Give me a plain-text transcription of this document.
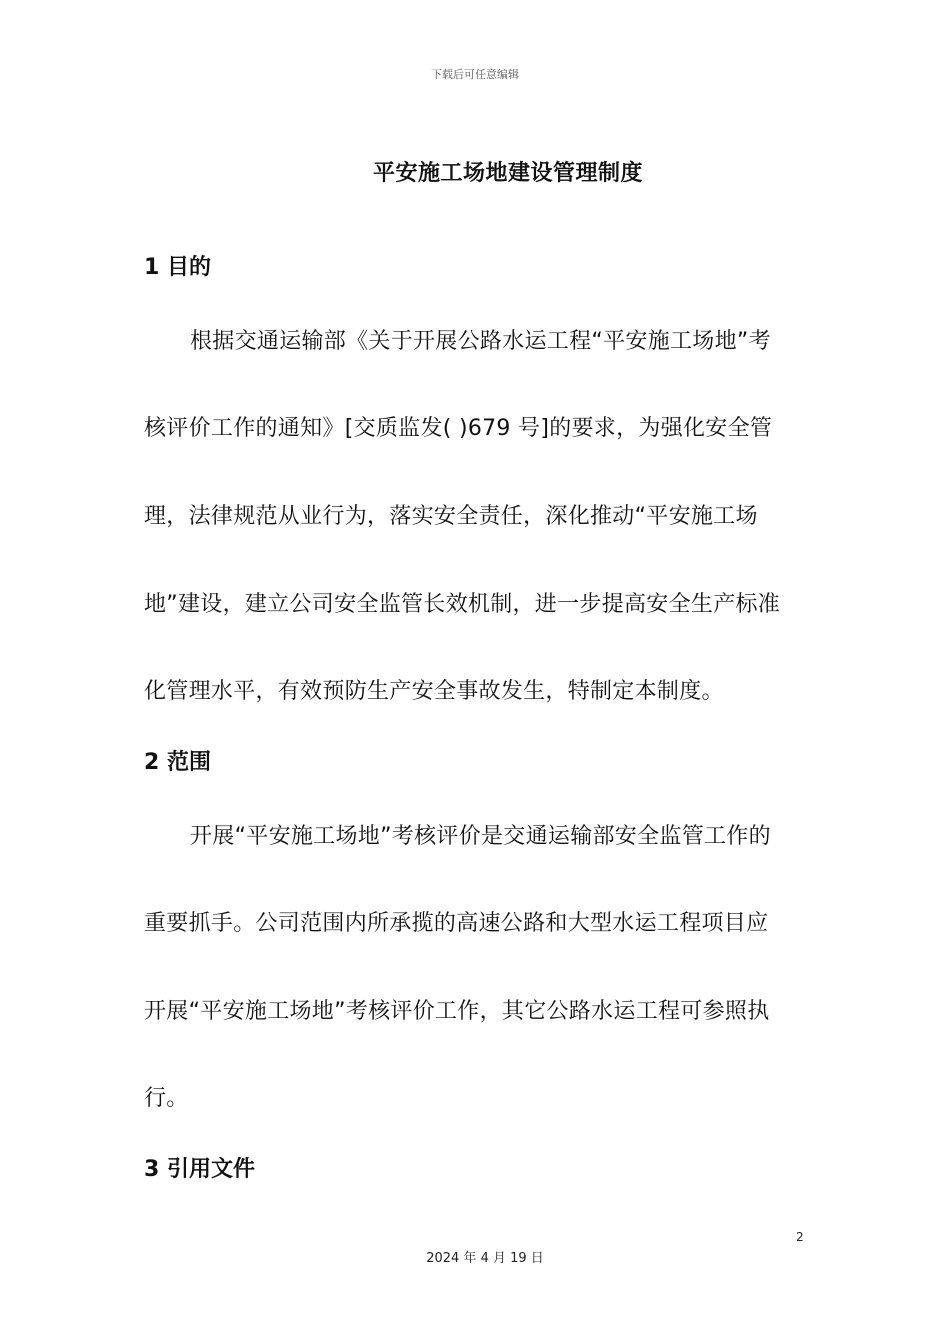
下载后可任意编辑
平安施工场地建设管理制度
1 目的
根据交通运输部《关于开展公路水运工程“平安施工场地”考
核评价工作的通知》[交质监发( )679 号]的要求，为强化安全管
理，法律规范从业行为，落实安全责任，深化推动“平安施工场
地”建设，建立公司安全监管长效机制，进一步提高安全生产标准
化管理水平，有效预防生产安全事故发生，特制定本制度。
2 范围
开展“平安施工场地”考核评价是交通运输部安全监管工作的
重要抓手。公司范围内所承揽的高速公路和大型水运工程项目应
开展“平安施工场地”考核评价工作，其它公路水运工程可参照执
行。
3 引用文件
2
2024 年 4 月 19 日
